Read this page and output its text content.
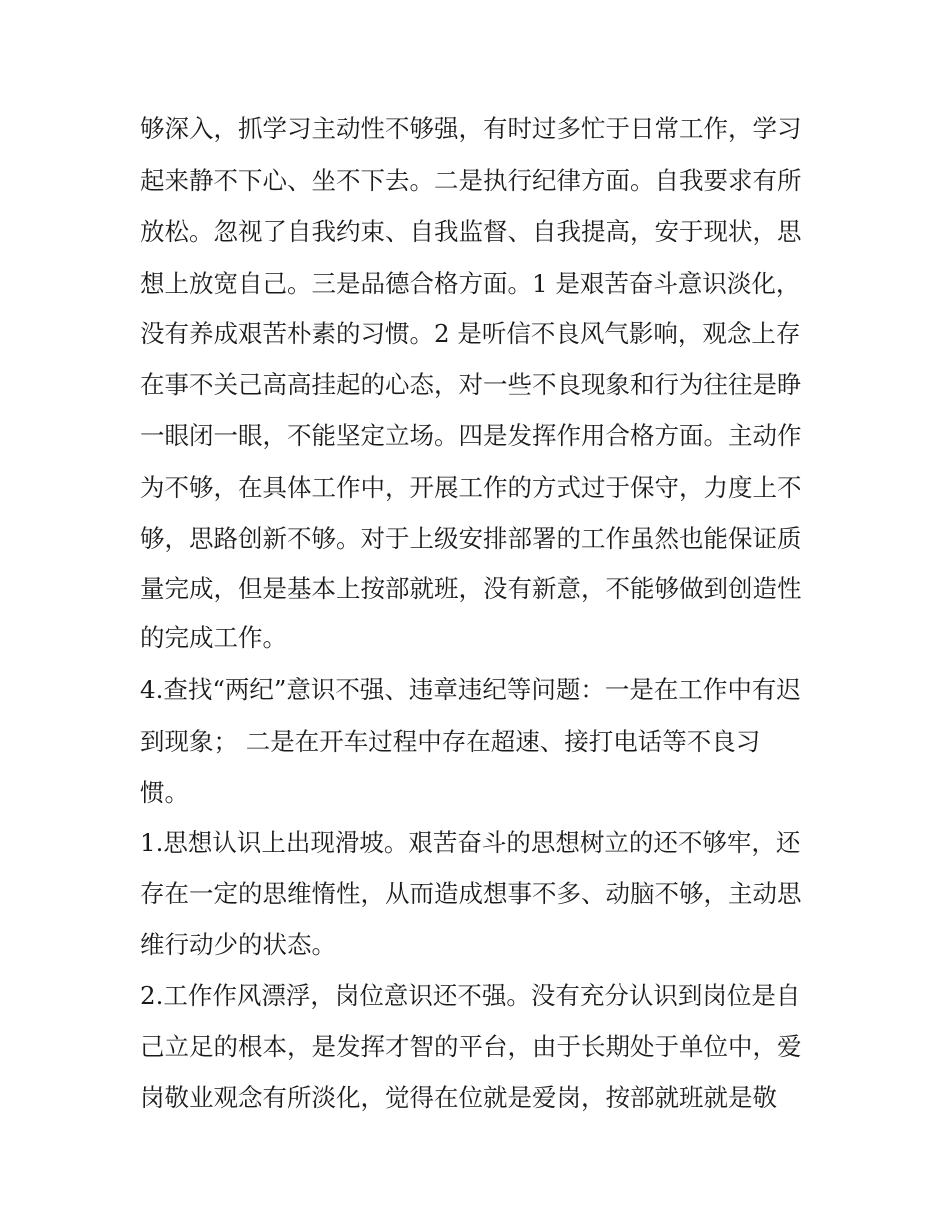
够深入，抓学习主动性不够强，有时过多忙于日常工作，学习

起来静不下心、坐不下去。二是执行纪律方面。自我要求有所

放松。忽视了自我约束、自我监督、自我提高，安于现状，思

想上放宽自己。三是品德合格方面。1 是艰苦奋斗意识淡化，

没有养成艰苦朴素的习惯。2 是听信不良风气影响，观念上存

在事不关己高高挂起的心态，对一些不良现象和行为往往是睁

一眼闭一眼，不能坚定立场。四是发挥作用合格方面。主动作

为不够，在具体工作中，开展工作的方式过于保守，力度上不

够，思路创新不够。对于上级安排部署的工作虽然也能保证质

量完成，但是基本上按部就班，没有新意，不能够做到创造性

的完成工作。

4.查找“两纪”意识不强、违章违纪等问题：一是在工作中有迟

到现象； 二是在开车过程中存在超速、接打电话等不良习

惯。

1.思想认识上出现滑坡。艰苦奋斗的思想树立的还不够牢，还

存在一定的思维惰性，从而造成想事不多、动脑不够，主动思

维行动少的状态。

2.工作作风漂浮，岗位意识还不强。没有充分认识到岗位是自

己立足的根本，是发挥才智的平台，由于长期处于单位中，爱

岗敬业观念有所淡化，觉得在位就是爱岗，按部就班就是敬
